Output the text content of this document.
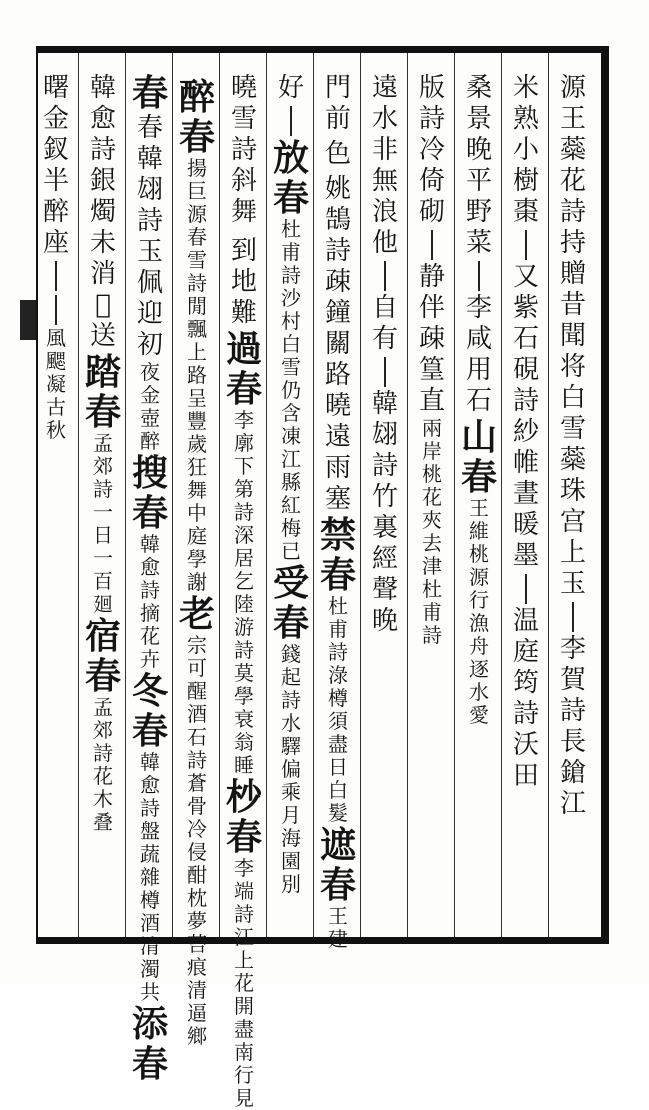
源
王
蘂
花
詩
持
贈
昔
聞
将
白
雪
蘂
珠
宫
上
玉
李
賀
詩
長
鎗
江
米
熟
小
樹
棗
又
紫
石
硯
詩
紗
帷
晝
暖
墨
温
庭
筠
詩
沃
田
桑
景
晚
平
野
菜
李
咸
用
石
山
春
王
維
桃
源
行
漁
舟
逐
水
愛
版
詩
冷
倚
砌
静
伴
疎
篁
直
兩
岸
桃
花
夾
去
津
杜
甫
詩
遠
水
非
無
浪
他
自
有
韓
翃
詩
竹
裏
經
聲
晚
門
前
色
姚
鵠
詩
疎
鐘
關
路
曉
遠
雨
塞
禁
春
杜
甫
詩
淥
樽
須
盡
日
白
髮
遮
春
王
建
好
放
春
杜
甫
詩
沙
村
白
雪
仍
含
凍
江
縣
紅
梅
已
受
春
錢
起
詩
水
驛
偏
乘
月
海
園
別
曉
雪
詩
斜
舞
到
地
難
過
春
李
廓
下
第
詩
深
居
乞
陸
游
詩
莫
學
衰
翁
睡
杪
春
李
端
詩
江
上
花
開
盡
南
行
見
醉
春
揚
巨
源
春
雪
詩
閒
飄
上
路
呈
豐
歲
狂
舞
中
庭
學
謝
老
宗
可
醒
酒
石
詩
蒼
骨
冷
侵
酣
枕
夢
苔
痕
清
逼
鄉
春
春
韓
翃
詩
玉
佩
迎
初
夜
金
壺
醉
搜
春
韓
愈
詩
摘
花
卉
冬
春
韓
愈
詩
盤
蔬
雜
樽
酒
清
濁
共
添
春
韓
愈
詩
銀
燭
未
消
𢛰
送
踏
春
孟
郊
詩
一
日
一
百
廻
宿
春
孟
郊
詩
花
木
叠
曙
金
釵
半
醉
座
風
颸
凝
古
秋
